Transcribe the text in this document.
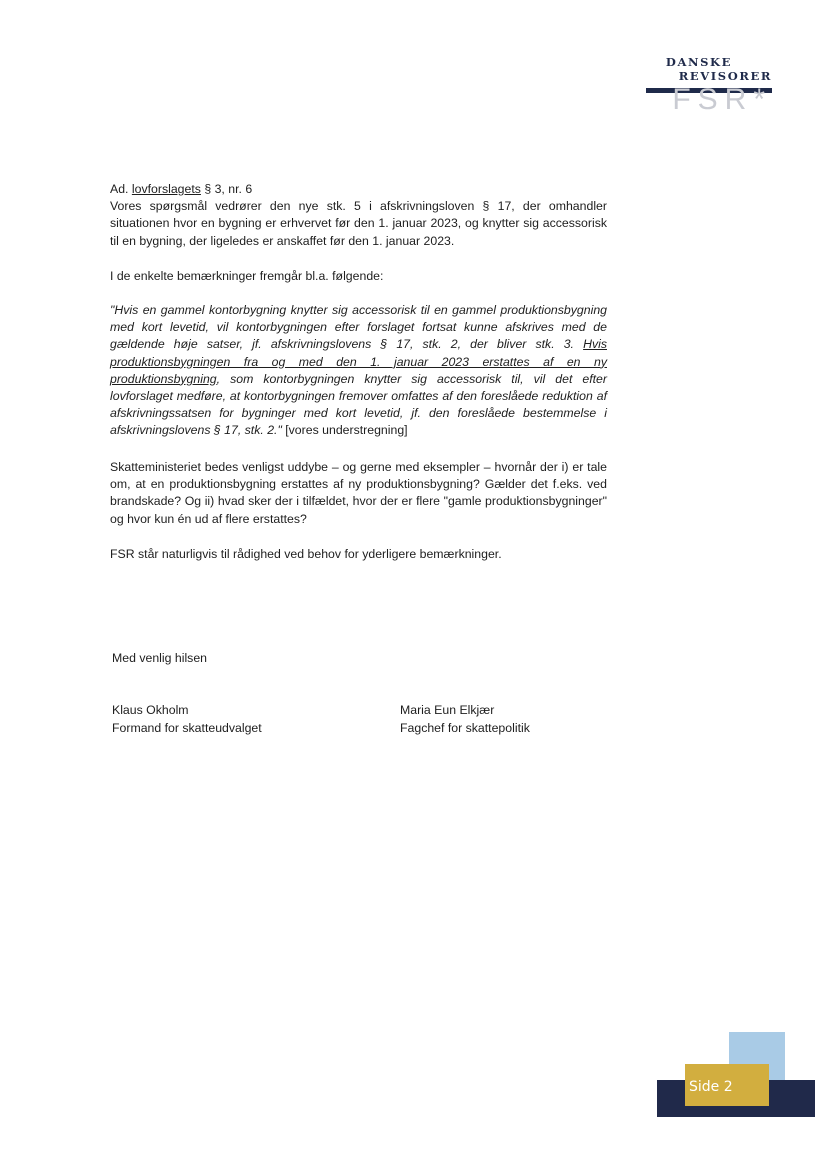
DANSKE
REVISORER
FSR*

Ad. lovforslagets § 3, nr. 6

Vores spørgsmål vedrører den nye stk. 5 i afskrivningsloven § 17, der omhandler situationen hvor en bygning er erhvervet før den 1. januar 2023, og knytter sig accessorisk til en bygning, der ligeledes er anskaffet før den 1. januar 2023.

I de enkelte bemærkninger fremgår bl.a. følgende:

"Hvis en gammel kontorbygning knytter sig accessorisk til en gammel produktionsbygning med kort levetid, vil kontorbygningen efter forslaget fortsat kunne afskrives med de gældende høje satser, jf. afskrivningslovens § 17, stk. 2, der bliver stk. 3. Hvis produktionsbygningen fra og med den 1. januar 2023 erstattes af en ny produktionsbygning, som kontorbygningen knytter sig accessorisk til, vil det efter lovforslaget medføre, at kontorbygningen fremover omfattes af den foreslåede reduktion af afskrivningssatsen for bygninger med kort levetid, jf. den foreslåede bestemmelse i afskrivningslovens § 17, stk. 2." [vores understregning]

Skatteministeriet bedes venligst uddybe – og gerne med eksempler – hvornår der i) er tale om, at en produktionsbygning erstattes af ny produktionsbygning? Gælder det f.eks. ved brandskade? Og ii) hvad sker der i tilfældet, hvor der er flere "gamle produktionsbygninger" og hvor kun én ud af flere erstattes?

FSR står naturligvis til rådighed ved behov for yderligere bemærkninger.

Med venlig hilsen
Klaus Okholm
Formand for skatteudvalget
Maria Eun Elkjær
Fagchef for skattepolitik
Side 2
